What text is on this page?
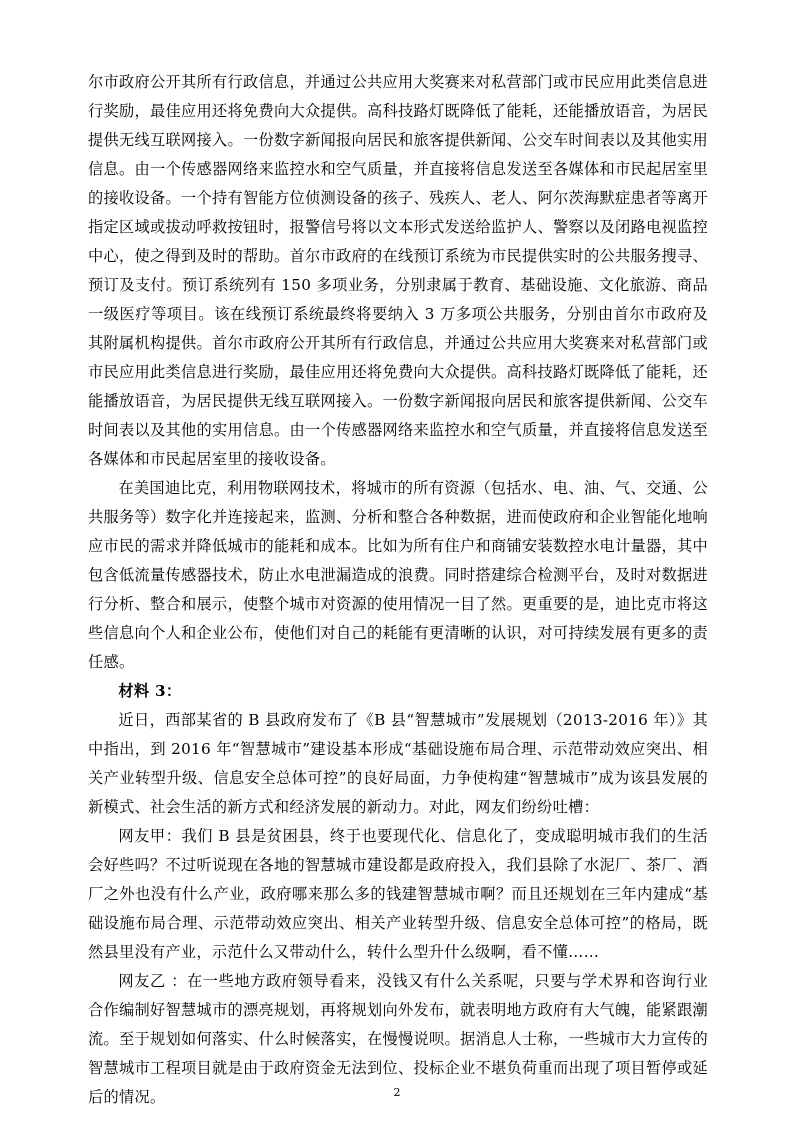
尔市政府公开其所有行政信息，并通过公共应用大奖赛来对私营部门或市民应用此类信息进行奖励，最佳应用还将免费向大众提供。高科技路灯既降低了能耗，还能播放语音，为居民提供无线互联网接入。一份数字新闻报向居民和旅客提供新闻、公交车时间表以及其他实用信息。由一个传感器网络来监控水和空气质量，并直接将信息发送至各媒体和市民起居室里的接收设备。一个持有智能方位侦测设备的孩子、残疾人、老人、阿尔茨海默症患者等离开指定区域或拔动呼救按钮时，报警信号将以文本形式发送给监护人、警察以及闭路电视监控中心，使之得到及时的帮助。首尔市政府的在线预订系统为市民提供实时的公共服务搜寻、预订及支付。预订系统列有 150 多项业务，分别隶属于教育、基础设施、文化旅游、商品一级医疗等项目。该在线预订系统最终将要纳入 3 万多项公共服务，分别由首尔市政府及其附属机构提供。首尔市政府公开其所有行政信息，并通过公共应用大奖赛来对私营部门或市民应用此类信息进行奖励，最佳应用还将免费向大众提供。高科技路灯既降低了能耗，还能播放语音，为居民提供无线互联网接入。一份数字新闻报向居民和旅客提供新闻、公交车时间表以及其他的实用信息。由一个传感器网络来监控水和空气质量，并直接将信息发送至各媒体和市民起居室里的接收设备。

在美国迪比克，利用物联网技术，将城市的所有资源（包括水、电、油、气、交通、公共服务等）数字化并连接起来，监测、分析和整合各种数据，进而使政府和企业智能化地响应市民的需求并降低城市的能耗和成本。比如为所有住户和商铺安装数控水电计量器，其中包含低流量传感器技术，防止水电泄漏造成的浪费。同时搭建综合检测平台，及时对数据进行分析、整合和展示，使整个城市对资源的使用情况一目了然。更重要的是，迪比克市将这些信息向个人和企业公布，使他们对自己的耗能有更清晰的认识，对可持续发展有更多的责任感。

材料 3：

近日，西部某省的 B 县政府发布了《B 县“智慧城市”发展规划（2013-2016 年）》其中指出，到 2016 年“智慧城市”建设基本形成“基础设施布局合理、示范带动效应突出、相关产业转型升级、信息安全总体可控”的良好局面，力争使构建“智慧城市”成为该县发展的新模式、社会生活的新方式和经济发展的新动力。对此，网友们纷纷吐槽：

网友甲：我们 B 县是贫困县，终于也要现代化、信息化了，变成聪明城市我们的生活会好些吗？不过听说现在各地的智慧城市建设都是政府投入，我们县除了水泥厂、茶厂、酒厂之外也没有什么产业，政府哪来那么多的钱建智慧城市啊？而且还规划在三年内建成“基础设施布局合理、示范带动效应突出、相关产业转型升级、信息安全总体可控”的格局，既然县里没有产业，示范什么又带动什么，转什么型升什么级啊，看不懂……

网友乙 ：在一些地方政府领导看来，没钱又有什么关系呢，只要与学术界和咨询行业合作编制好智慧城市的漂亮规划，再将规划向外发布，就表明地方政府有大气魄，能紧跟潮流。至于规划如何落实、什么时候落实，在慢慢说呗。据消息人士称，一些城市大力宣传的智慧城市工程项目就是由于政府资金无法到位、投标企业不堪负荷重而出现了项目暂停或延后的情况。	2
